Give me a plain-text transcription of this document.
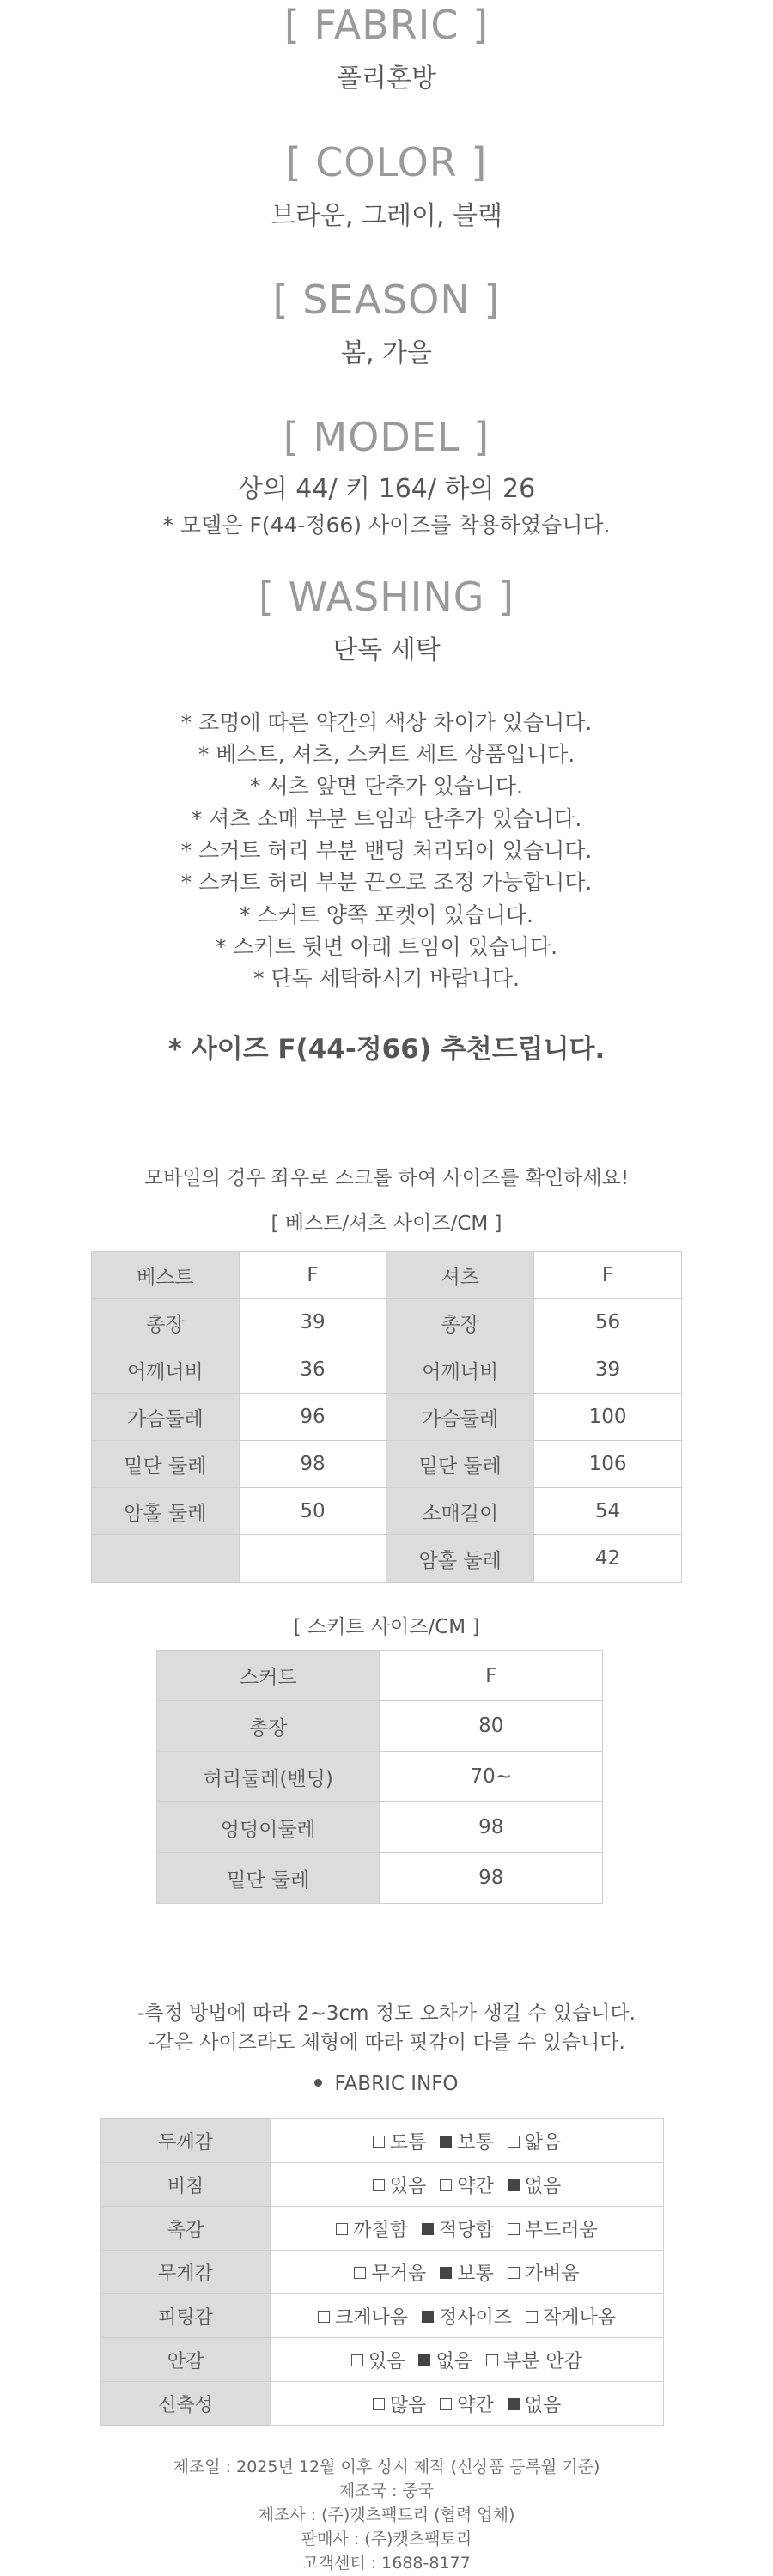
[ FABRIC ]
폴리혼방
[ COLOR ]
브라운, 그레이, 블랙
[ SEASON ]
봄, 가을
[ MODEL ]
상의 44/ 키 164/ 하의 26
* 모델은 F(44-정66) 사이즈를 착용하였습니다.
[ WASHING ]
단독 세탁
* 조명에 따른 약간의 색상 차이가 있습니다.
* 베스트, 셔츠, 스커트 세트 상품입니다.
* 셔츠 앞면 단추가 있습니다.
* 셔츠 소매 부분 트임과 단추가 있습니다.
* 스커트 허리 부분 밴딩 처리되어 있습니다.
* 스커트 허리 부분 끈으로 조정 가능합니다.
* 스커트 양쪽 포켓이 있습니다.
* 스커트 뒷면 아래 트임이 있습니다.
* 단독 세탁하시기 바랍니다.
* 사이즈 F(44-정66) 추천드립니다.
모바일의 경우 좌우로 스크롤 하여 사이즈를 확인하세요!
[ 베스트/셔츠 사이즈/CM ]
베스트	F	셔츠	F
총장	39	총장	56
어깨너비	36	어깨너비	39
가슴둘레	96	가슴둘레	100
밑단 둘레	98	밑단 둘레	106
암홀 둘레	50	소매길이	54
		암홀 둘레	42
[ 스커트 사이즈/CM ]
스커트	F
총장	80
허리둘레(밴딩)	70~
엉덩이둘레	98
밑단 둘레	98
-측정 방법에 따라 2~3cm 정도 오차가 생길 수 있습니다.
-같은 사이즈라도 체형에 따라 핏감이 다를 수 있습니다.
FABRIC INFO
두께감	도톰 보통 얇음
비침	있음 약간 없음
촉감	까칠함 적당함 부드러움
무게감	무거움 보통 가벼움
피팅감	크게나옴 정사이즈 작게나옴
안감	있음 없음 부분 안감
신축성	많음 약간 없음
제조일 : 2025년 12월 이후 상시 제작 (신상품 등록월 기준)
제조국 : 중국
제조사 : (주)캣츠팩토리 (협력 업체)
판매사 : (주)캣츠팩토리
고객센터 : 1688-8177
